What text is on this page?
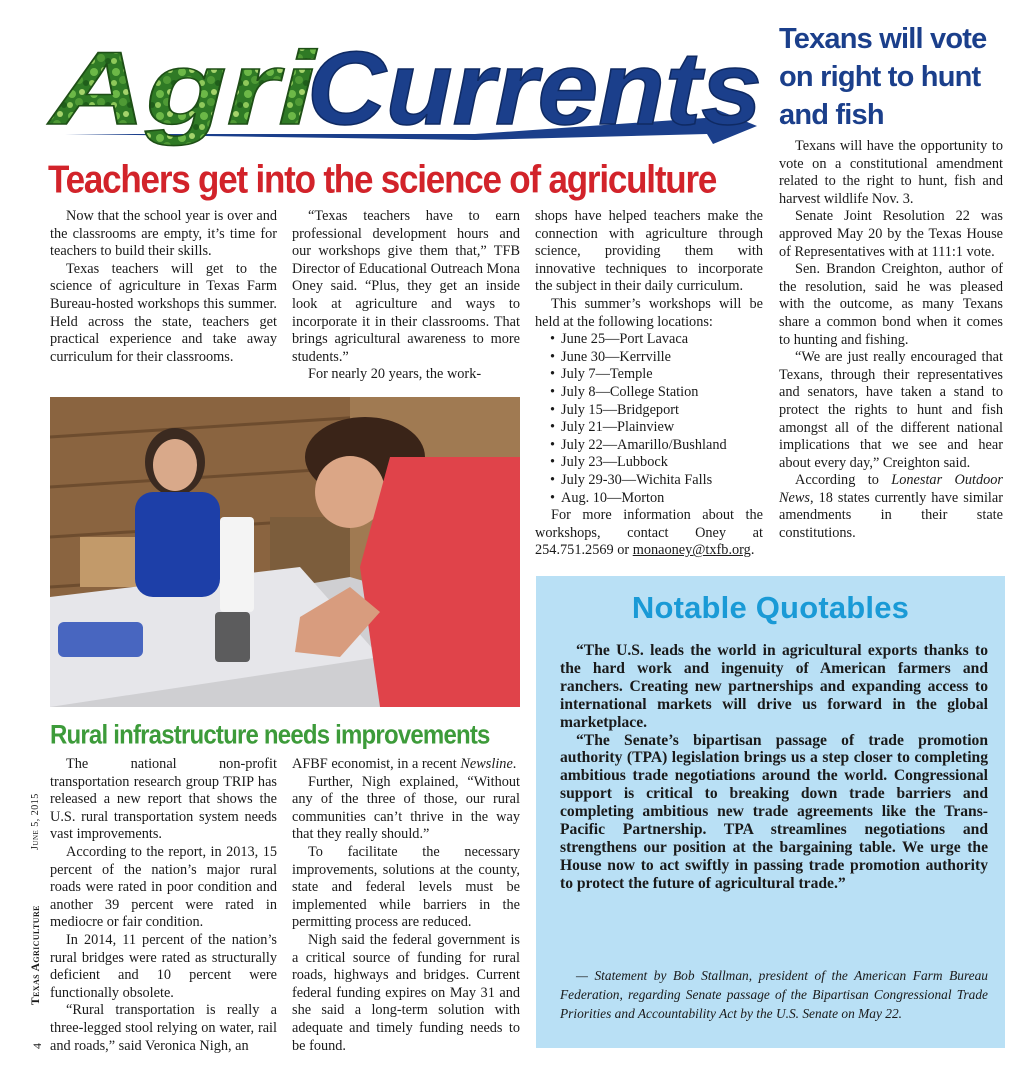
Agri
Currents
Teachers get into the science of agriculture

Now that the school year is over and the classrooms are empty, it’s time for teachers to build their skills.

Texas teachers will get to the science of agriculture in Texas Farm Bureau-hosted workshops this summer. Held across the state, teachers get practical experience and take away curriculum for their classrooms.

“Texas teachers have to earn professional development hours and our workshops give them that,” TFB Director of Educational Outreach Mona Oney said. “Plus, they get an inside look at agriculture and ways to incorporate it in their classrooms. That brings agricultural awareness to more students.”

For nearly 20 years, the work-

shops have helped teachers make the connection with agriculture through science, providing them with innovative techniques to incorporate the subject in their daily curriculum.

This summer’s workshops will be held at the following locations:

• June 25—Port Lavaca
• June 30—Kerrville
• July 7—Temple
• July 8—College Station
• July 15—Bridgeport
• July 21—Plainview
• July 22—Amarillo/Bushland
• July 23—Lubbock
• July 29-30—Wichita Falls
• Aug. 10—Morton

For more information about the workshops, contact Oney at 254.751.2569 or monaoney@txfb.org.

Texans will vote on right to hunt and fish

Texans will have the opportunity to vote on a constitutional amendment related to the right to hunt, fish and harvest wildlife Nov. 3.

Senate Joint Resolution 22 was approved May 20 by the Texas House of Representatives with at 111:1 vote.

Sen. Brandon Creighton, author of the resolution, said he was pleased with the outcome, as many Texans share a common bond when it comes to hunting and fishing.

“We are just really encouraged that Texans, through their representatives and senators, have taken a stand to protect the rights to hunt and fish amongst all of the different national implications that we see and hear about every day,” Creighton said.

According to Lonestar Outdoor News, 18 states currently have similar amendments in their state constitutions.

Rural infrastructure needs improvements

The national non-profit transportation research group TRIP has released a new report that shows the U.S. rural transportation system needs vast improvements.

According to the report, in 2013, 15 percent of the nation’s major rural roads were rated in poor condition and another 39 percent were rated in mediocre or fair condition.

In 2014, 11 percent of the nation’s rural bridges were rated as structurally deficient and 10 percent were functionally obsolete.

“Rural transportation is really a three-legged stool relying on water, rail and roads,” said Veronica Nigh, an

AFBF economist, in a recent Newsline.

Further, Nigh explained, “Without any of the three of those, our rural communities can’t thrive in the way that they really should.”

To facilitate the necessary improvements, solutions at the county, state and federal levels must be implemented while barriers in the permitting process are reduced.

Nigh said the federal government is a critical source of funding for rural roads, highways and bridges. Current federal funding expires on May 31 and she said a long-term solution with adequate and timely funding needs to be found.

June 5, 2015
Texas Agriculture
4
Notable Quotables

“The U.S. leads the world in agricultural exports thanks to the hard work and ingenuity of American farmers and ranchers. Creating new partnerships and expanding access to international markets will drive us forward in the global marketplace.

“The Senate’s bipartisan passage of trade promotion authority (TPA) legislation brings us a step closer to completing ambitious trade negotiations around the world. Congressional support is critical to breaking down trade barriers and completing ambitious new trade agreements like the Trans-Pacific Partnership. TPA streamlines negotiations and strengthens our position at the bargaining table. We urge the House now to act swiftly in passing trade promotion authority to protect the future of agricultural trade.”

— Statement by Bob Stallman, president of the American Farm Bureau Federation, regarding Senate passage of the Bipartisan Congressional Trade Priorities and Accountability Act by the U.S. Senate on May 22.
